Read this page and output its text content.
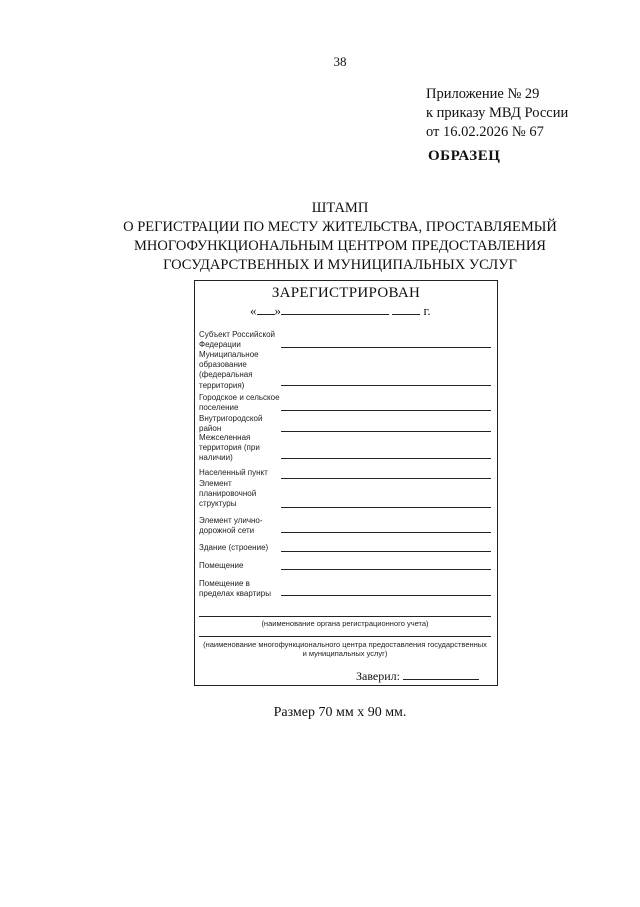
38
Приложение № 29
к приказу МВД России
от 16.02.2026 № 67
ОБРАЗЕЦ
ШТАМП
О РЕГИСТРАЦИИ ПО МЕСТУ ЖИТЕЛЬСТВА, ПРОСТАВЛЯЕМЫЙ
МНОГОФУНКЦИОНАЛЬНЫМ ЦЕНТРОМ ПРЕДОСТАВЛЕНИЯ
ГОСУДАРСТВЕННЫХ И МУНИЦИПАЛЬНЫХ УСЛУГ
ЗАРЕГИСТРИРОВАН
« »	г.
Субъект Российской Федерации
Муниципальное образование (федеральная территория)
Городское и сельское поселение
Внутригородской район
Межселенная территория (при наличии)
Населенный пункт
Элемент планировочной структуры
Элемент улично-дорожной сети
Здание (строение)
Помещение
Помещение в пределах квартиры
(наименование органа регистрационного учета)
(наименование многофункционального центра предоставления государственных
и муниципальных услуг)
Заверил:
Размер 70 мм х 90 мм.
